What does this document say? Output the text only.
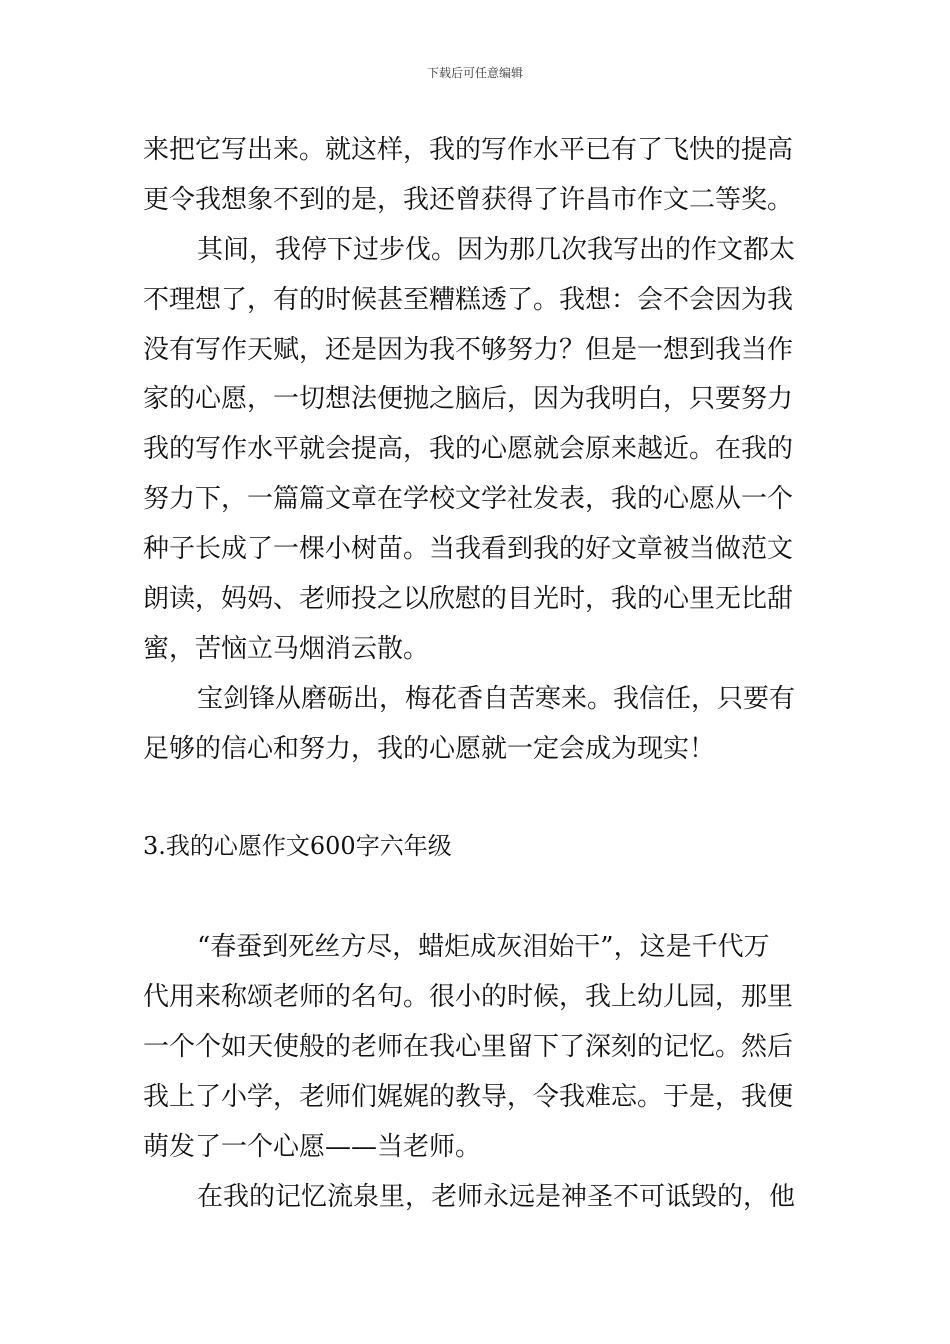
下载后可任意编辑
来把它写出来。就这样，我的写作水平已有了飞快的提高
更令我想象不到的是，我还曾获得了许昌市作文二等奖。
其间，我停下过步伐。因为那几次我写出的作文都太
不理想了，有的时候甚至糟糕透了。我想：会不会因为我
没有写作天赋，还是因为我不够努力？但是一想到我当作
家的心愿，一切想法便抛之脑后，因为我明白，只要努力
我的写作水平就会提高，我的心愿就会原来越近。在我的
努力下，一篇篇文章在学校文学社发表，我的心愿从一个
种子长成了一棵小树苗。当我看到我的好文章被当做范文
朗读，妈妈、老师投之以欣慰的目光时，我的心里无比甜
蜜，苦恼立马烟消云散。
宝剑锋从磨砺出，梅花香自苦寒来。我信任，只要有
足够的信心和努力，我的心愿就一定会成为现实！
3.我的心愿作文600字六年级
“春蚕到死丝方尽，蜡炬成灰泪始干”，这是千代万
代用来称颂老师的名句。很小的时候，我上幼儿园，那里
一个个如天使般的老师在我心里留下了深刻的记忆。然后
我上了小学，老师们娓娓的教导，令我难忘。于是，我便
萌发了一个心愿——当老师。
在我的记忆流泉里，老师永远是神圣不可诋毁的，他
